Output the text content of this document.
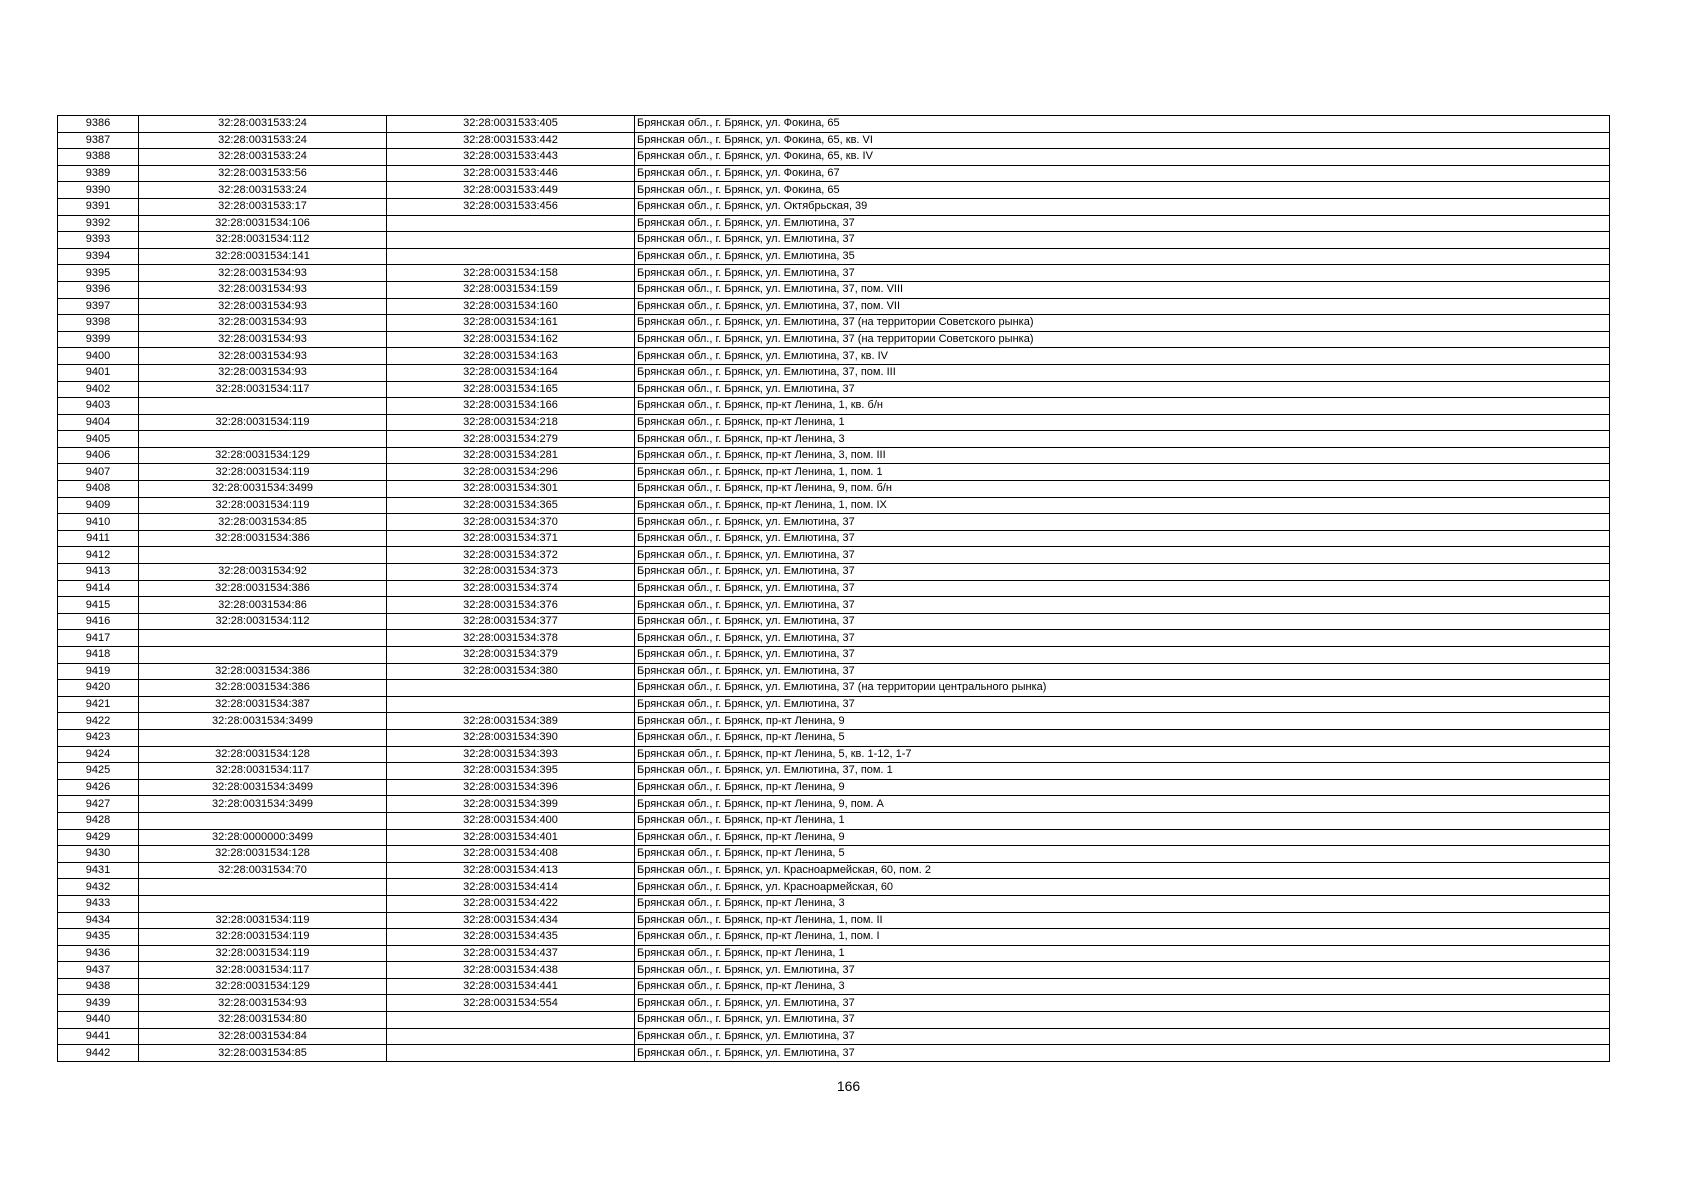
9386	32:28:0031533:24	32:28:0031533:405	Брянская обл., г. Брянск, ул. Фокина, 65
9387	32:28:0031533:24	32:28:0031533:442	Брянская обл., г. Брянск, ул. Фокина, 65, кв. VI
9388	32:28:0031533:24	32:28:0031533:443	Брянская обл., г. Брянск, ул. Фокина, 65, кв. IV
9389	32:28:0031533:56	32:28:0031533:446	Брянская обл., г. Брянск, ул. Фокина, 67
9390	32:28:0031533:24	32:28:0031533:449	Брянская обл., г. Брянск, ул. Фокина, 65
9391	32:28:0031533:17	32:28:0031533:456	Брянская обл., г. Брянск, ул. Октябрьская, 39
9392	32:28:0031534:106		Брянская обл., г. Брянск, ул. Емлютина, 37
9393	32:28:0031534:112		Брянская обл., г. Брянск, ул. Емлютина, 37
9394	32:28:0031534:141		Брянская обл., г. Брянск, ул. Емлютина, 35
9395	32:28:0031534:93	32:28:0031534:158	Брянская обл., г. Брянск, ул. Емлютина, 37
9396	32:28:0031534:93	32:28:0031534:159	Брянская обл., г. Брянск, ул. Емлютина, 37, пом. VIII
9397	32:28:0031534:93	32:28:0031534:160	Брянская обл., г. Брянск, ул. Емлютина, 37, пом. VII
9398	32:28:0031534:93	32:28:0031534:161	Брянская обл., г. Брянск, ул. Емлютина, 37 (на территории Советского рынка)
9399	32:28:0031534:93	32:28:0031534:162	Брянская обл., г. Брянск, ул. Емлютина, 37 (на территории Советского рынка)
9400	32:28:0031534:93	32:28:0031534:163	Брянская обл., г. Брянск, ул. Емлютина, 37, кв. IV
9401	32:28:0031534:93	32:28:0031534:164	Брянская обл., г. Брянск, ул. Емлютина, 37, пом. III
9402	32:28:0031534:117	32:28:0031534:165	Брянская обл., г. Брянск, ул. Емлютина, 37
9403		32:28:0031534:166	Брянская обл., г. Брянск, пр-кт Ленина, 1, кв. б/н
9404	32:28:0031534:119	32:28:0031534:218	Брянская обл., г. Брянск, пр-кт Ленина, 1
9405		32:28:0031534:279	Брянская обл., г. Брянск, пр-кт Ленина, 3
9406	32:28:0031534:129	32:28:0031534:281	Брянская обл., г. Брянск, пр-кт Ленина, 3, пом. III
9407	32:28:0031534:119	32:28:0031534:296	Брянская обл., г. Брянск, пр-кт Ленина, 1, пом. 1
9408	32:28:0031534:3499	32:28:0031534:301	Брянская обл., г. Брянск, пр-кт Ленина, 9, пом. б/н
9409	32:28:0031534:119	32:28:0031534:365	Брянская обл., г. Брянск, пр-кт Ленина, 1, пом. IX
9410	32:28:0031534:85	32:28:0031534:370	Брянская обл., г. Брянск, ул. Емлютина, 37
9411	32:28:0031534:386	32:28:0031534:371	Брянская обл., г. Брянск, ул. Емлютина, 37
9412		32:28:0031534:372	Брянская обл., г. Брянск, ул. Емлютина, 37
9413	32:28:0031534:92	32:28:0031534:373	Брянская обл., г. Брянск, ул. Емлютина, 37
9414	32:28:0031534:386	32:28:0031534:374	Брянская обл., г. Брянск, ул. Емлютина, 37
9415	32:28:0031534:86	32:28:0031534:376	Брянская обл., г. Брянск, ул. Емлютина, 37
9416	32:28:0031534:112	32:28:0031534:377	Брянская обл., г. Брянск, ул. Емлютина, 37
9417		32:28:0031534:378	Брянская обл., г. Брянск, ул. Емлютина, 37
9418		32:28:0031534:379	Брянская обл., г. Брянск, ул. Емлютина, 37
9419	32:28:0031534:386	32:28:0031534:380	Брянская обл., г. Брянск, ул. Емлютина, 37
9420	32:28:0031534:386		Брянская обл., г. Брянск, ул. Емлютина, 37 (на территории центрального рынка)
9421	32:28:0031534:387		Брянская обл., г. Брянск, ул. Емлютина, 37
9422	32:28:0031534:3499	32:28:0031534:389	Брянская обл., г. Брянск, пр-кт Ленина, 9
9423		32:28:0031534:390	Брянская обл., г. Брянск, пр-кт Ленина, 5
9424	32:28:0031534:128	32:28:0031534:393	Брянская обл., г. Брянск, пр-кт Ленина, 5, кв. 1-12, 1-7
9425	32:28:0031534:117	32:28:0031534:395	Брянская обл., г. Брянск, ул. Емлютина, 37, пом. 1
9426	32:28:0031534:3499	32:28:0031534:396	Брянская обл., г. Брянск, пр-кт Ленина, 9
9427	32:28:0031534:3499	32:28:0031534:399	Брянская обл., г. Брянск, пр-кт Ленина, 9, пом. А
9428		32:28:0031534:400	Брянская обл., г. Брянск, пр-кт Ленина, 1
9429	32:28:0000000:3499	32:28:0031534:401	Брянская обл., г. Брянск, пр-кт Ленина, 9
9430	32:28:0031534:128	32:28:0031534:408	Брянская обл., г. Брянск, пр-кт Ленина, 5
9431	32:28:0031534:70	32:28:0031534:413	Брянская обл., г. Брянск, ул. Красноармейская, 60, пом. 2
9432		32:28:0031534:414	Брянская обл., г. Брянск, ул. Красноармейская, 60
9433		32:28:0031534:422	Брянская обл., г. Брянск, пр-кт Ленина, 3
9434	32:28:0031534:119	32:28:0031534:434	Брянская обл., г. Брянск, пр-кт Ленина, 1, пом. II
9435	32:28:0031534:119	32:28:0031534:435	Брянская обл., г. Брянск, пр-кт Ленина, 1, пом. I
9436	32:28:0031534:119	32:28:0031534:437	Брянская обл., г. Брянск, пр-кт Ленина, 1
9437	32:28:0031534:117	32:28:0031534:438	Брянская обл., г. Брянск, ул. Емлютина, 37
9438	32:28:0031534:129	32:28:0031534:441	Брянская обл., г. Брянск, пр-кт Ленина, 3
9439	32:28:0031534:93	32:28:0031534:554	Брянская обл., г. Брянск, ул. Емлютина, 37
9440	32:28:0031534:80		Брянская обл., г. Брянск, ул. Емлютина, 37
9441	32:28:0031534:84		Брянская обл., г. Брянск, ул. Емлютина, 37
9442	32:28:0031534:85		Брянская обл., г. Брянск, ул. Емлютина, 37
166
